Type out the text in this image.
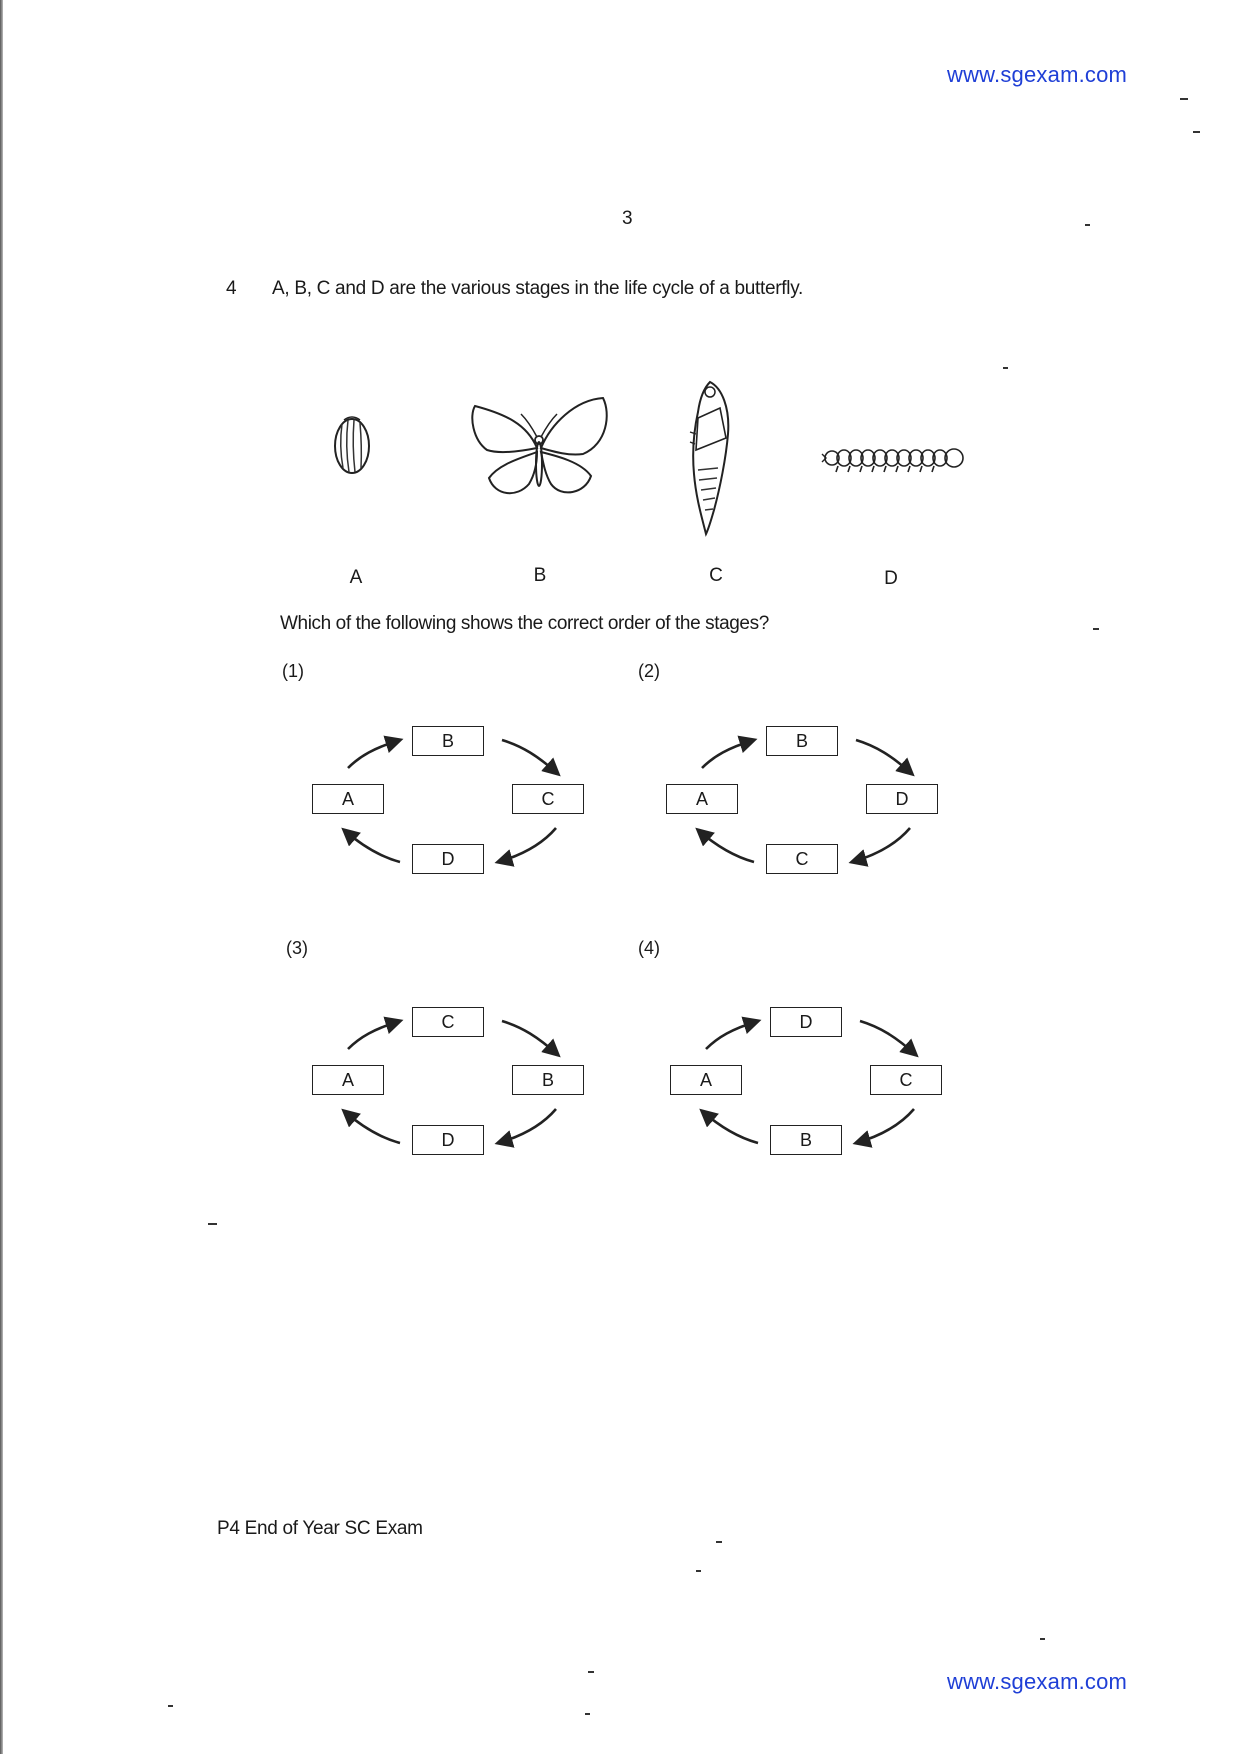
www.sgexam.com
3
4 A, B, C and D are the various stages in the life cycle of a butterfly.
A	B	C	D
Which of the following shows the correct order of the stages?
(1)	(2)
(3)	(4)
B
C
D
A
B
D
C
A
C
B
D
A
D
C
B
A
P4 End of Year SC Exam
www.sgexam.com
